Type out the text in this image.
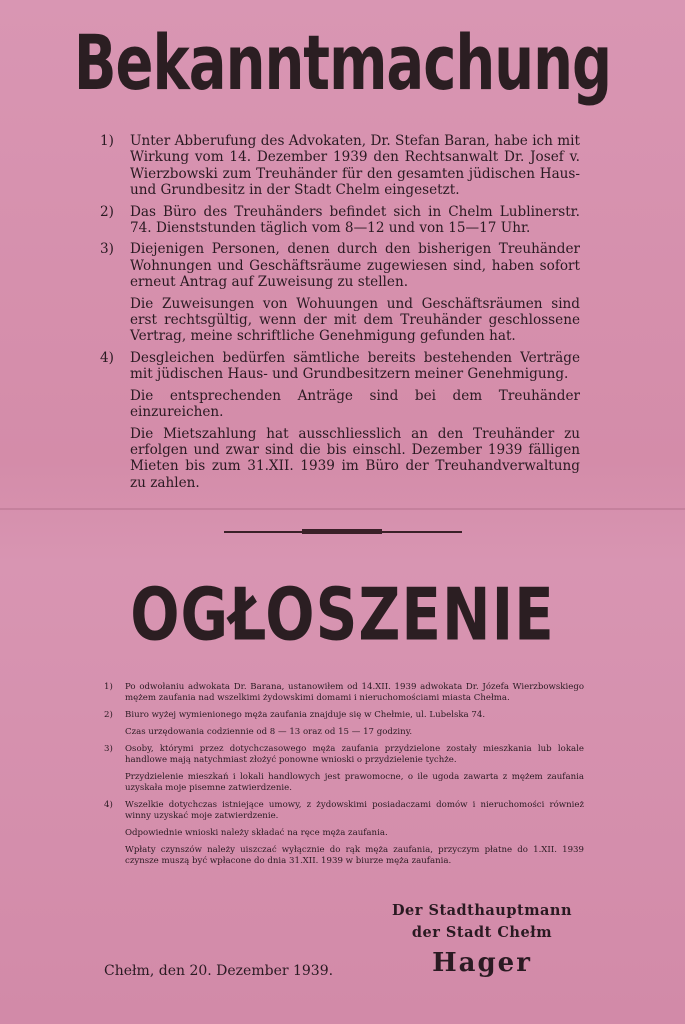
Bekanntmachung
1) Unter Abberufung des Advokaten, Dr. Stefan Baran, habe ich mit Wirkung vom 14. Dezember 1939 den Rechtsanwalt Dr. Josef v. Wierzbowski zum Treuhänder für den gesamten jüdischen Haus- und Grundbesitz in der Stadt Chelm eingesetzt.

2) Das Büro des Treuhänders befindet sich in Chelm Lublinerstr. 74. Dienststunden täglich vom 8—12 und von 15—17 Uhr.

3) Diejenigen Personen, denen durch den bisherigen Treuhänder Wohnungen und Geschäftsräume zugewiesen sind, haben sofort erneut Antrag auf Zuweisung zu stellen.

Die Zuweisungen von Wohuungen und Geschäftsräumen sind erst rechtsgültig, wenn der mit dem Treuhänder geschlossene Vertrag, meine schriftliche Genehmigung gefunden hat.

4) Desgleichen bedürfen sämtliche bereits bestehenden Verträge mit jüdischen Haus- und Grundbesitzern meiner Genehmigung.

Die entsprechenden Anträge sind bei dem Treuhänder einzureichen.

Die Mietszahlung hat ausschliesslich an den Treuhänder zu erfolgen und zwar sind die bis einschl. Dezember 1939 fälligen Mieten bis zum 31.XII. 1939 im Büro der Treuhandverwaltung zu zahlen.

OGŁOSZENIE
1) Po odwołaniu adwokata Dr. Barana, ustanowiłem od 14.XII. 1939 adwokata Dr. Józefa Wierzbowskiego mężem zaufania nad wszelkimi żydowskimi domami i nieruchomościami miasta Chełma.

2) Biuro wyżej wymienionego męża zaufania znajduje się w Chełmie, ul. Lubelska 74.

Czas urzędowania codziennie od 8 — 13 oraz od 15 — 17 godziny.

3) Osoby, którymi przez dotychczasowego męża zaufania przydzielone zostały mieszkania lub lokale handlowe mają natychmiast złożyć ponowne wnioski o przydzielenie tychże.

Przydzielenie mieszkań i lokali handlowych jest prawomocne, o ile ugoda zawarta z mężem zaufania uzyskała moje pisemne zatwierdzenie.

4) Wszelkie dotychczas istniejące umowy, z żydowskimi posiadaczami domów i nieruchomości również winny uzyskać moje zatwierdzenie.

Odpowiednie wnioski należy składać na ręce męża zaufania.

Wpłaty czynszów należy uiszczać wyłącznie do rąk męża zaufania, przyczym płatne do 1.XII. 1939 czynsze muszą być wpłacone do dnia 31.XII. 1939 w biurze męża zaufania.

Chełm, den 20. Dezember 1939.
Der Stadthauptmann
der Stadt Chełm
Hager
